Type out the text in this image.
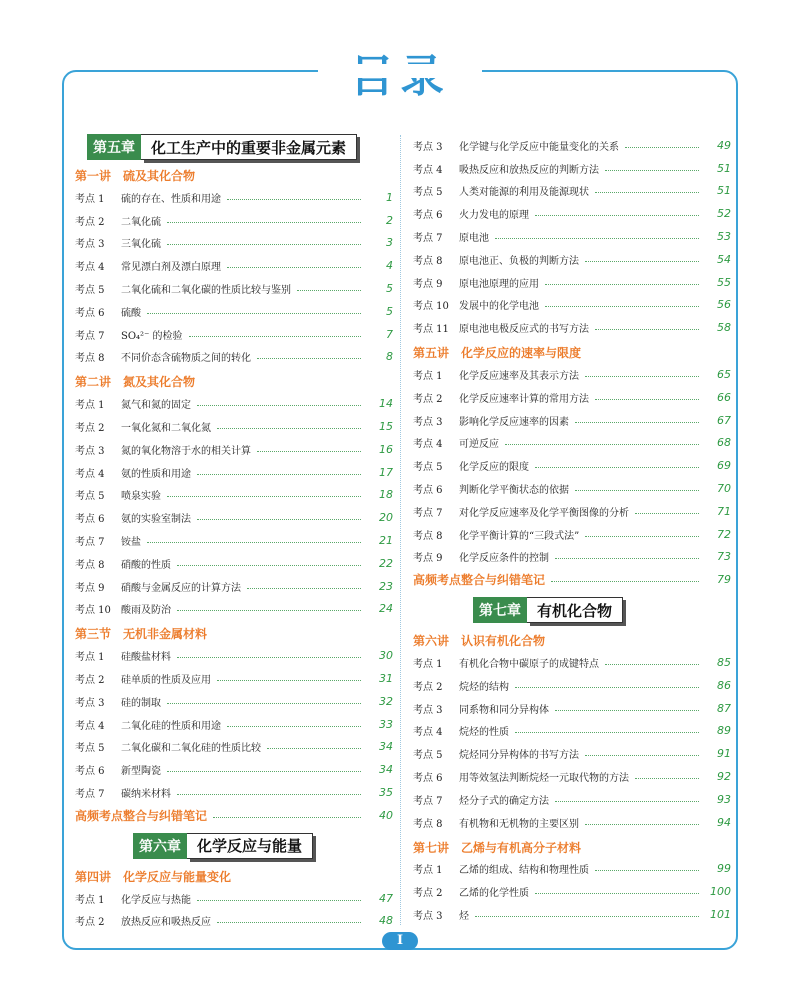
第五章	化工生产中的重要非金属元素
第一讲　硫及其化合物
考点 1	硫的存在、性质和用途	1
考点 2	二氧化硫	2
考点 3	三氧化硫	3
考点 4	常见漂白剂及漂白原理	4
考点 5	二氧化硫和二氧化碳的性质比较与鉴别	5
考点 6	硫酸	5
考点 7	SO₄²⁻ 的检验	7
考点 8	不同价态含硫物质之间的转化	8
第二讲　氮及其化合物
考点 1	氮气和氮的固定	14
考点 2	一氧化氮和二氧化氮	15
考点 3	氮的氧化物溶于水的相关计算	16
考点 4	氨的性质和用途	17
考点 5	喷泉实验	18
考点 6	氨的实验室制法	20
考点 7	铵盐	21
考点 8	硝酸的性质	22
考点 9	硝酸与金属反应的计算方法	23
考点 10	酸雨及防治	24
第三节　无机非金属材料
考点 1	硅酸盐材料	30
考点 2	硅单质的性质及应用	31
考点 3	硅的制取	32
考点 4	二氧化硅的性质和用途	33
考点 5	二氧化碳和二氧化硅的性质比较	34
考点 6	新型陶瓷	34
考点 7	碳纳米材料	35
高频考点整合与纠错笔记	40
第六章	化学反应与能量
第四讲　化学反应与能量变化
考点 1	化学反应与热能	47
考点 2	放热反应和吸热反应	48
考点 3	化学键与化学反应中能量变化的关系	49
考点 4	吸热反应和放热反应的判断方法	51
考点 5	人类对能源的利用及能源现状	51
考点 6	火力发电的原理	52
考点 7	原电池	53
考点 8	原电池正、负极的判断方法	54
考点 9	原电池原理的应用	55
考点 10	发展中的化学电池	56
考点 11	原电池电极反应式的书写方法	58
第五讲　化学反应的速率与限度
考点 1	化学反应速率及其表示方法	65
考点 2	化学反应速率计算的常用方法	66
考点 3	影响化学反应速率的因素	67
考点 4	可逆反应	68
考点 5	化学反应的限度	69
考点 6	判断化学平衡状态的依据	70
考点 7	对化学反应速率及化学平衡图像的分析	71
考点 8	化学平衡计算的“三段式法”	72
考点 9	化学反应条件的控制	73
高频考点整合与纠错笔记	79
第七章	有机化合物
第六讲　认识有机化合物
考点 1	有机化合物中碳原子的成键特点	85
考点 2	烷烃的结构	86
考点 3	同系物和同分异构体	87
考点 4	烷烃的性质	89
考点 5	烷烃同分异构体的书写方法	91
考点 6	用等效氢法判断烷烃一元取代物的方法	92
考点 7	烃分子式的确定方法	93
考点 8	有机物和无机物的主要区别	94
第七讲　乙烯与有机高分子材料
考点 1	乙烯的组成、结构和物理性质	99
考点 2	乙烯的化学性质	100
考点 3	烃	101
I
